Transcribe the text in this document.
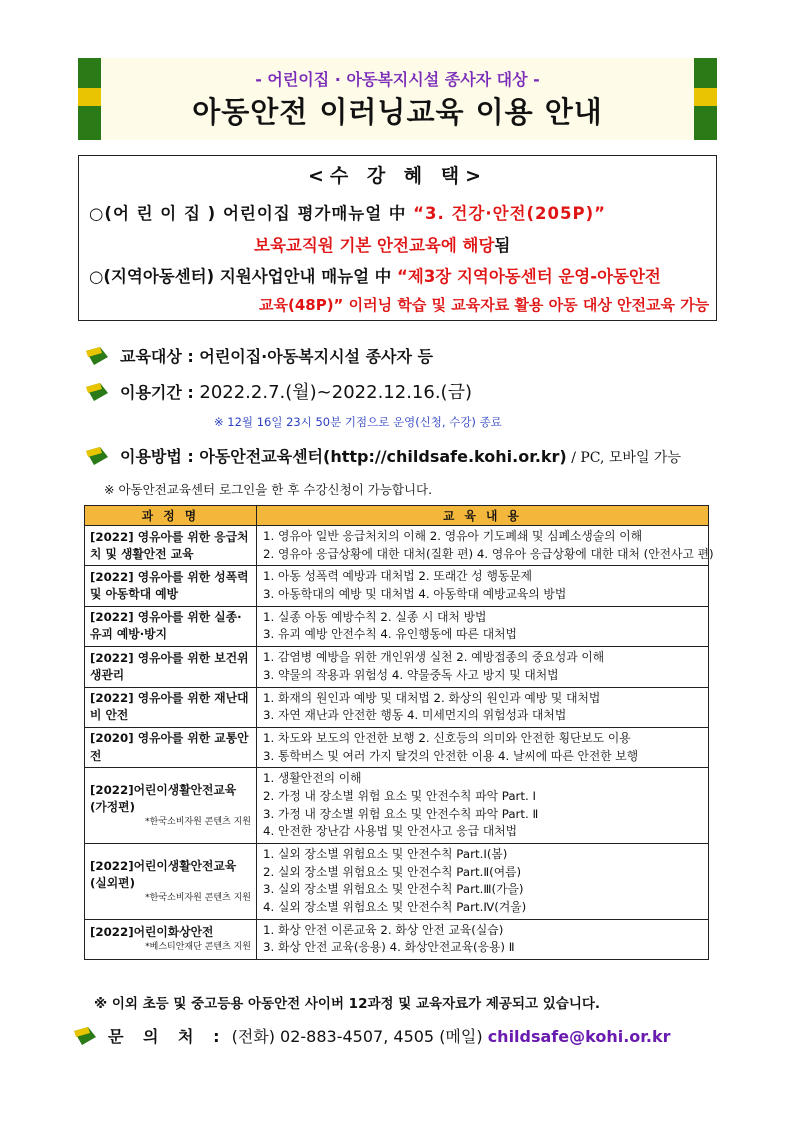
- 어린이집 · 아동복지시설 종사자 대상 -
아동안전 이러닝교육 이용 안내
<수 강 혜 택>
○(어 린 이 집 ) 어린이집 평가매뉴얼 中 “3. 건강·안전(205P)”
보육교직원 기본 안전교육에 해당됨
○(지역아동센터) 지원사업안내 매뉴얼 中 “제3장 지역아동센터 운영-아동안전
교육(48P)” 이러닝 학습 및 교육자료 활용 아동 대상 안전교육 가능
교육대상 : 어린이집·아동복지시설 종사자 등
이용기간 : 2022.2.7.(월)~2022.12.16.(금)
※ 12월 16일 23시 50분 기점으로 운영(신청, 수강) 종료
이용방법 : 아동안전교육센터(http://childsafe.kohi.or.kr) / PC, 모바일 가능
※ 아동안전교육센터 로그인을 한 후 수강신청이 가능합니다.
과 정 명	교 육 내 용

[2022] 영유아를 위한 응급처치 및 생활안전 교육	1. 영유아 일반 응급처치의 이해 2. 영유아 기도폐쇄 및 심폐소생술의 이해
2. 영유아 응급상황에 대한 대처(질환 편) 4. 영유아 응급상황에 대한 대처 (안전사고 편)

[2022] 영유아를 위한 성폭력 및 아동학대 예방	1. 아동 성폭력 예방과 대처법 2. 또래간 성 행동문제
3. 아동학대의 예방 및 대처법 4. 아동학대 예방교육의 방법

[2022] 영유아를 위한 실종·유괴 예방·방지	1. 실종 아동 예방수칙 2. 실종 시 대처 방법
3. 유괴 예방 안전수칙 4. 유인행동에 따른 대처법

[2022] 영유아를 위한 보건위생관리	1. 감염병 예방을 위한 개인위생 실천 2. 예방접종의 중요성과 이해
3. 약물의 작용과 위험성 4. 약물중독 사고 방지 및 대처법

[2022] 영유아를 위한 재난대비 안전	1. 화재의 원인과 예방 및 대처법 2. 화상의 원인과 예방 및 대처법
3. 자연 재난과 안전한 행동 4. 미세먼지의 위험성과 대처법

[2020] 영유아를 위한 교통안전	1. 차도와 보도의 안전한 보행 2. 신호등의 의미와 안전한 횡단보도 이용
3. 통학버스 및 여러 가지 탈것의 안전한 이용 4. 날씨에 따른 안전한 보행

[2022]어린이생활안전교육(가정편)
*한국소비자원 콘텐츠 지원	1. 생활안전의 이해
2. 가정 내 장소별 위험 요소 및 안전수칙 파악 Part. Ⅰ
3. 가정 내 장소별 위험 요소 및 안전수칙 파악 Part. Ⅱ
4. 안전한 장난감 사용법 및 안전사고 응급 대처법

[2022]어린이생활안전교육(실외편)
*한국소비자원 콘텐츠 지원	1. 실외 장소별 위험요소 및 안전수칙 Part.Ⅰ(봄)
2. 실외 장소별 위험요소 및 안전수칙 Part.Ⅱ(여름)
3. 실외 장소별 위험요소 및 안전수칙 Part.Ⅲ(가을)
4. 실외 장소별 위험요소 및 안전수칙 Part.Ⅳ(겨울)

[2022]어린이화상안전
*베스티안재단 콘텐츠 지원	1. 화상 안전 이론교육 2. 화상 안전 교육(실습)
3. 화상 안전 교육(응용) 4. 화상안전교육(응용) Ⅱ
※ 이외 초등 및 중고등용 아동안전 사이버 12과정 및 교육자료가 제공되고 있습니다.
문 의 처 : (전화) 02-883-4507, 4505 (메일) childsafe@kohi.or.kr
